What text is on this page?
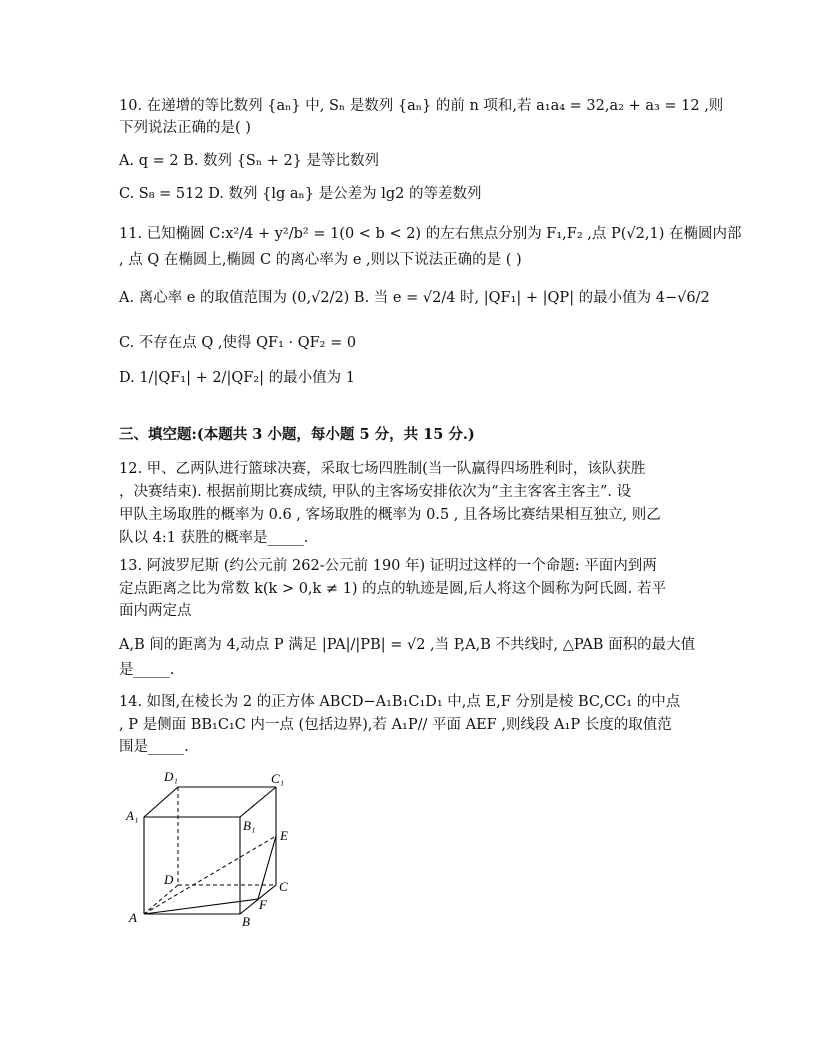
10. 在递增的等比数列 {aₙ} 中, Sₙ 是数列 {aₙ} 的前 n 项和,若 a₁a₄ = 32,a₂ + a₃ = 12 ,则
下列说法正确的是( )
A. q = 2 B. 数列 {Sₙ + 2} 是等比数列
C. S₈ = 512 D. 数列 {lg aₙ} 是公差为 lg2 的等差数列
11. 已知椭圆 C:x²/4 + y²/b² = 1(0 < b < 2) 的左右焦点分别为 F₁,F₂ ,点 P(√2,1) 在椭圆内部
, 点 Q 在椭圆上,椭圆 C 的离心率为 e ,则以下说法正确的是 ( )
A. 离心率 e 的取值范围为 (0,√2/2) B. 当 e = √2/4 时, |QF₁| + |QP| 的最小值为 4−√6/2
C. 不存在点 Q ,使得 QF₁ · QF₂ = 0
D. 1/|QF₁| + 2/|QF₂| 的最小值为 1
三、填空题:(本题共 3 小题，每小题 5 分，共 15 分.)
12. 甲、乙两队进行篮球决赛，采取七场四胜制(当一队赢得四场胜利时，该队获胜
，决赛结束). 根据前期比赛成绩, 甲队的主客场安排依次为“主主客客主客主”. 设
甲队主场取胜的概率为 0.6 , 客场取胜的概率为 0.5 , 且各场比赛结果相互独立, 则乙
队以 4:1 获胜的概率是_____.
13. 阿波罗尼斯 (约公元前 262-公元前 190 年) 证明过这样的一个命题: 平面内到两
定点距离之比为常数 k(k > 0,k ≠ 1) 的点的轨迹是圆,后人将这个圆称为阿氏圆. 若平
面内两定点
A,B 间的距离为 4,动点 P 满足 |PA|/|PB| = √2 ,当 P,A,B 不共线时, △PAB 面积的最大值
是_____.
14. 如图,在棱长为 2 的正方体 ABCD−A₁B₁C₁D₁ 中,点 E,F 分别是棱 BC,CC₁ 的中点
, P 是侧面 BB₁C₁C 内一点 (包括边界),若 A₁P// 平面 AEF ,则线段 A₁P 长度的取值范
围是_____.
D₁	C₁
A₁
B₁
E
D	C
F
A	B
